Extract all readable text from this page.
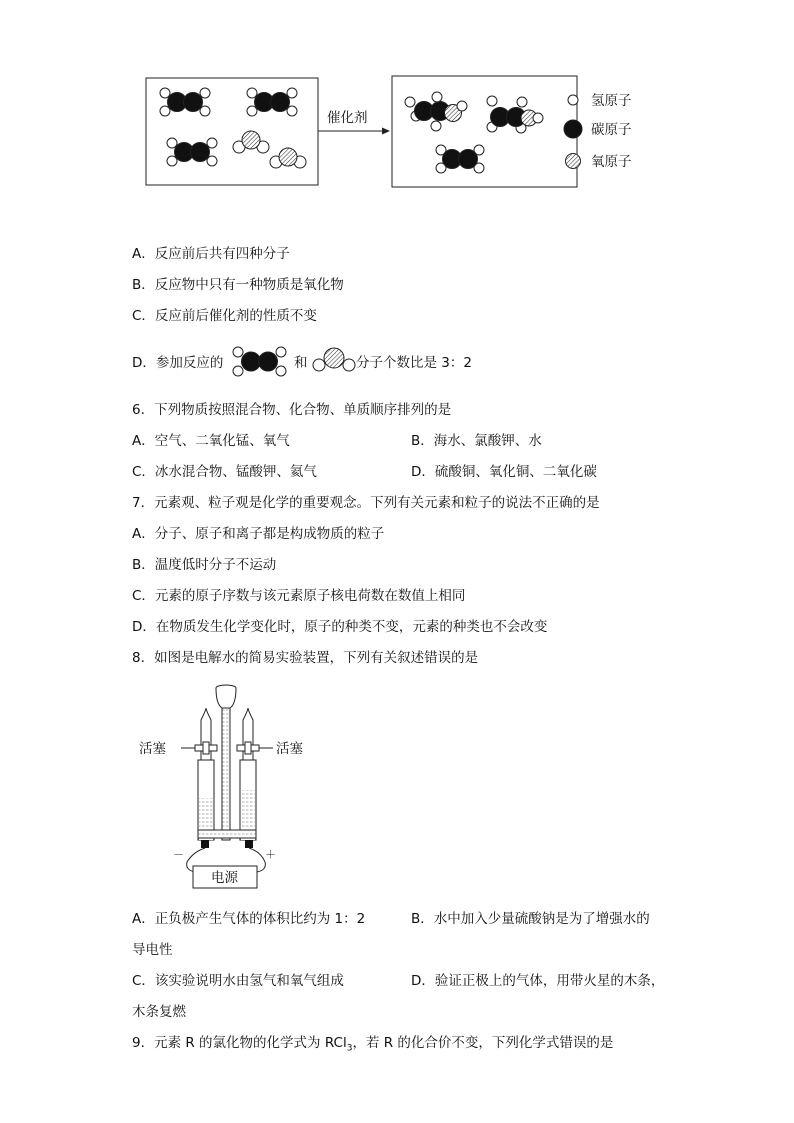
催化剂
氢原子
碳原子
氧原子
A．反应前后共有四种分子
B．反应物中只有一种物质是氧化物
C．反应前后催化剂的性质不变
D．参加反应的	和	分子个数比是 3：2
6．下列物质按照混合物、化合物、单质顺序排列的是
A．空气、二氧化锰、氧气	B．海水、氯酸钾、水
C．冰水混合物、锰酸钾、氦气	D．硫酸铜、氧化铜、二氧化碳
7．元素观、粒子观是化学的重要观念。下列有关元素和粒子的说法不正确的是
A．分子、原子和离子都是构成物质的粒子
B．温度低时分子不运动
C．元素的原子序数与该元素原子核电荷数在数值上相同
D．在物质发生化学变化时，原子的种类不变，元素的种类也不会改变
8．如图是电解水的简易实验装置，下列有关叙述错误的是
活塞	活塞
－	＋
电源
A．正负极产生气体的体积比约为 1：2	B．水中加入少量硫酸钠是为了增强水的
导电性
C．该实验说明水由氢气和氧气组成	D．验证正极上的气体，用带火星的木条，
木条复燃
9．元素 R 的氯化物的化学式为 RCl$_3$，若 R 的化合价不变，下列化学式错误的是
